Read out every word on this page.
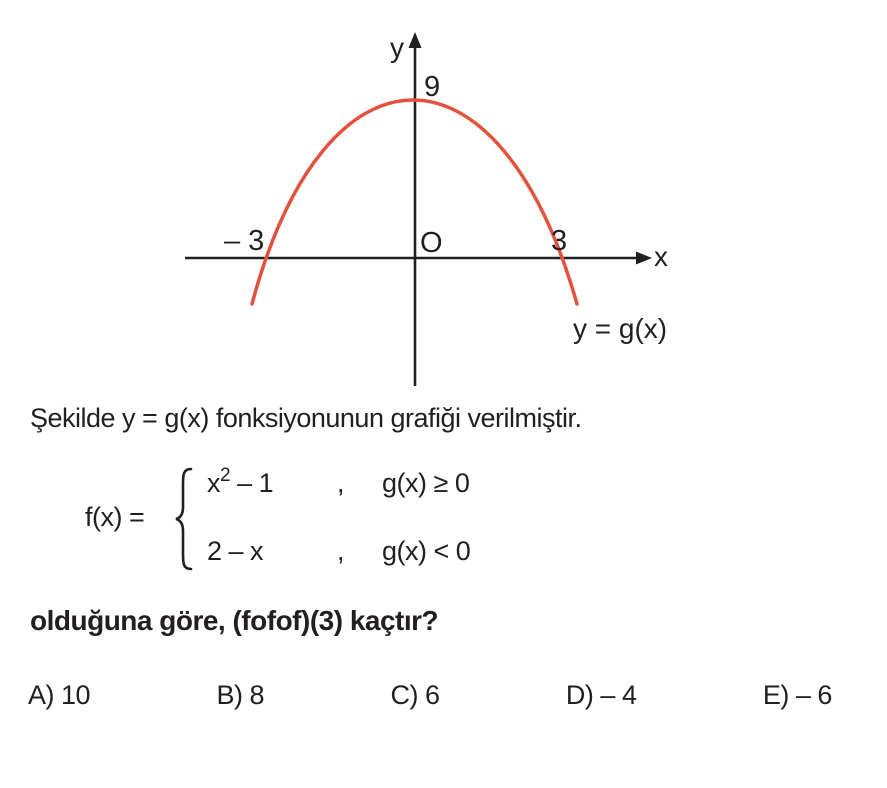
y
9
O
– 3	3	x
y = g(x)
Şekilde y = g(x) fonksiyonunun grafiği verilmiştir.
f(x) =
$x^2 - 1$ , g(x) ≥ 0
2 – x	, g(x) < 0
olduğuna göre, (fofof)(3) kaçtır?
A) 10	B) 8	C) 6	D) – 4	E) – 6
